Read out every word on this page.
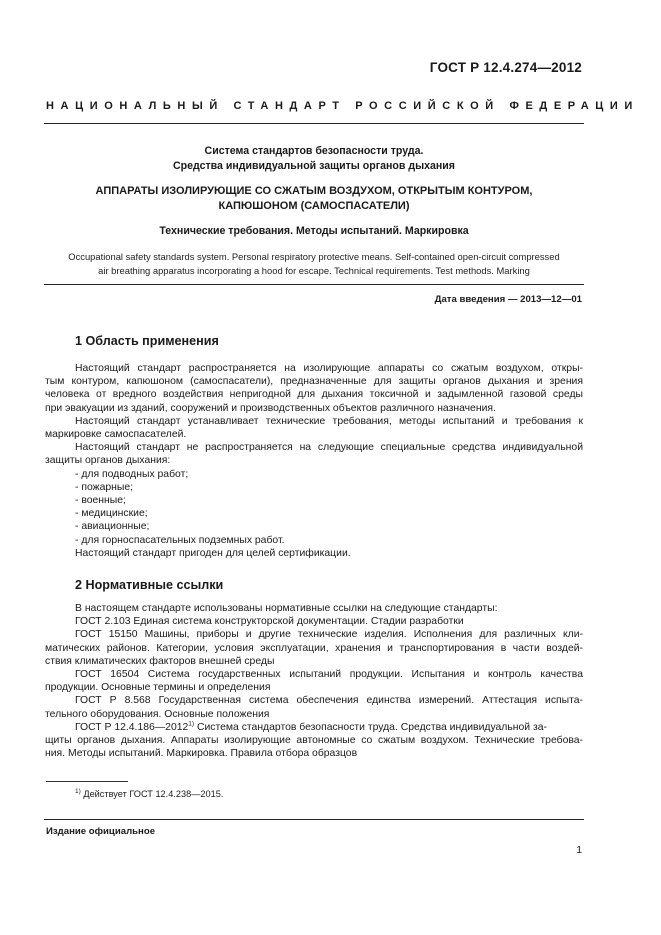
ГОСТ Р 12.4.274—2012
НАЦИОНАЛЬНЫЙ СТАНДАРТ РОССИЙСКОЙ ФЕДЕРАЦИИ
Система стандартов безопасности труда.
Средства индивидуальной защиты органов дыхания
АППАРАТЫ ИЗОЛИРУЮЩИЕ СО СЖАТЫМ ВОЗДУХОМ, ОТКРЫТЫМ КОНТУРОМ,
КАПЮШОНОМ (САМОСПАСАТЕЛИ)
Технические требования. Методы испытаний. Маркировка
Occupational safety standards system. Personal respiratory protective means. Self-contained open-circuit compressed
air breathing apparatus incorporating a hood for escape. Technical requirements. Test methods. Marking
Дата введения — 2013—12—01
1 Область применения
Настоящий стандарт распространяется на изолирующие аппараты со сжатым воздухом, откры-
тым контуром, капюшоном (самоспасатели), предназначенные для защиты органов дыхания и зрения
человека от вредного воздействия непригодной для дыхания токсичной и задымленной газовой среды
при эвакуации из зданий, сооружений и производственных объектов различного назначения.
Настоящий стандарт устанавливает технические требования, методы испытаний и требования к
маркировке самоспасателей.
Настоящий стандарт не распространяется на следующие специальные средства индивидуальной
защиты органов дыхания:
- для подводных работ;
- пожарные;
- военные;
- медицинские;
- авиационные;
- для горноспасательных подземных работ.
Настоящий стандарт пригоден для целей сертификации.
2 Нормативные ссылки
В настоящем стандарте использованы нормативные ссылки на следующие стандарты:
ГОСТ 2.103 Единая система конструкторской документации. Стадии разработки
ГОСТ 15150 Машины, приборы и другие технические изделия. Исполнения для различных кли-
матических районов. Категории, условия эксплуатации, хранения и транспортирования в части воздей-
ствия климатических факторов внешней среды
ГОСТ 16504 Система государственных испытаний продукции. Испытания и контроль качества
продукции. Основные термины и определения
ГОСТ Р 8.568 Государственная система обеспечения единства измерений. Аттестация испыта-
тельного оборудования. Основные положения
ГОСТ Р 12.4.186—2012$^{1)}$ Система стандартов безопасности труда. Средства индивидуальной за-
щиты органов дыхания. Аппараты изолирующие автономные со сжатым воздухом. Технические требова-
ния. Методы испытаний. Маркировка. Правила отбора образцов
$^{1)}$ Действует ГОСТ 12.4.238—2015.
Издание официальное
1
